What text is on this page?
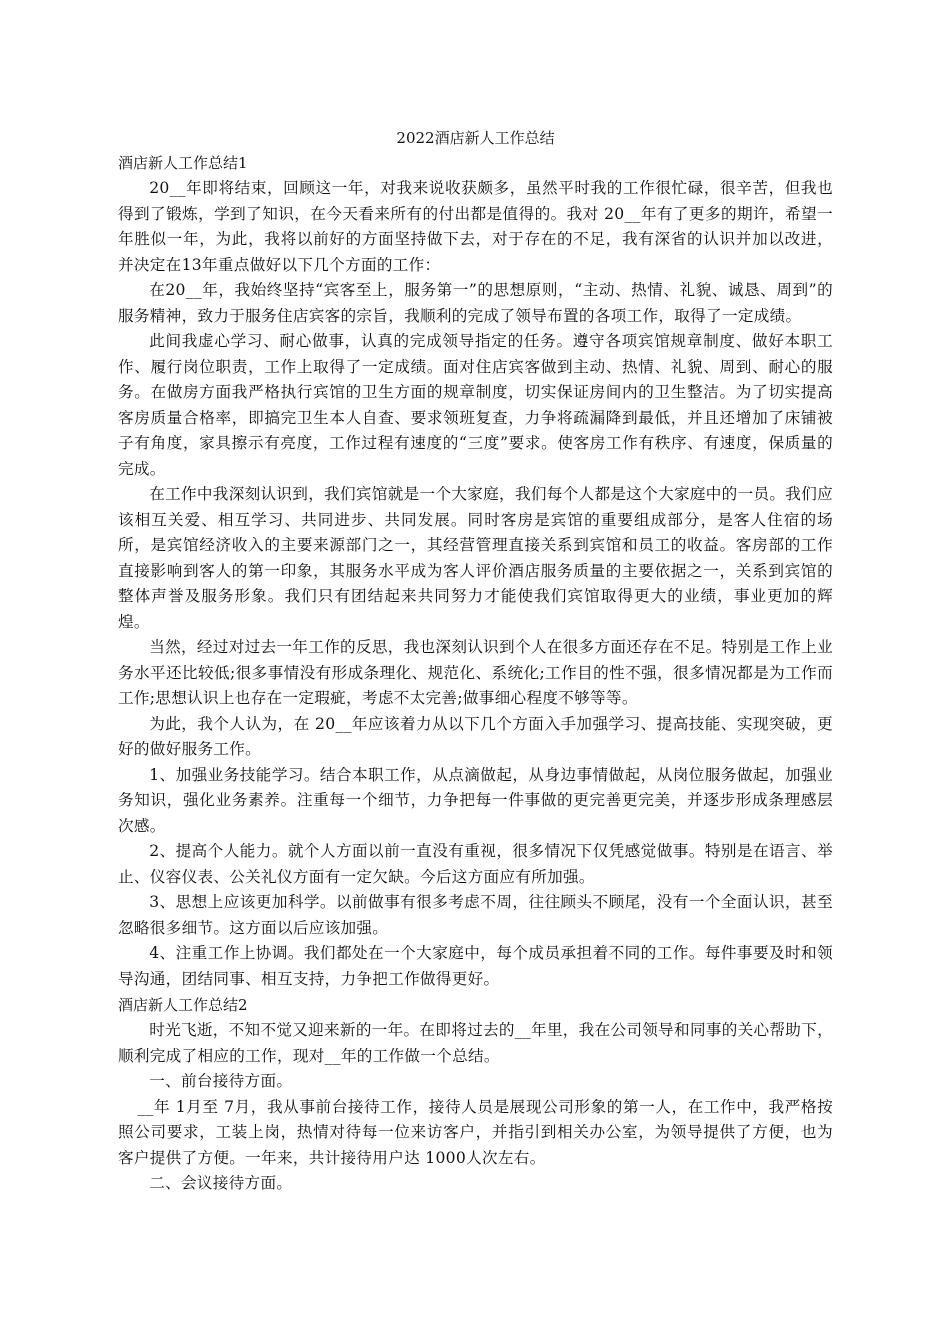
2022酒店新人工作总结

酒店新人工作总结1

20__年即将结束，回顾这一年，对我来说收获颇多，虽然平时我的工作很忙碌，很辛苦，但我也得到了锻炼，学到了知识，在今天看来所有的付出都是值得的。我对 20__年有了更多的期许，希望一年胜似一年，为此，我将以前好的方面坚持做下去，对于存在的不足，我有深省的认识并加以改进，并决定在13年重点做好以下几个方面的工作：

在20__年，我始终坚持“宾客至上，服务第一”的思想原则，“主动、热情、礼貌、诚恳、周到”的服务精神，致力于服务住店宾客的宗旨，我顺利的完成了领导布置的各项工作，取得了一定成绩。

此间我虚心学习、耐心做事，认真的完成领导指定的任务。遵守各项宾馆规章制度、做好本职工作、履行岗位职责，工作上取得了一定成绩。面对住店宾客做到主动、热情、礼貌、周到、耐心的服务。在做房方面我严格执行宾馆的卫生方面的规章制度，切实保证房间内的卫生整洁。为了切实提高客房质量合格率，即搞完卫生本人自查、要求领班复查，力争将疏漏降到最低，并且还增加了床铺被子有角度，家具擦示有亮度，工作过程有速度的“三度”要求。使客房工作有秩序、有速度，保质量的完成。

在工作中我深刻认识到，我们宾馆就是一个大家庭，我们每个人都是这个大家庭中的一员。我们应该相互关爱、相互学习、共同进步、共同发展。同时客房是宾馆的重要组成部分，是客人住宿的场所，是宾馆经济收入的主要来源部门之一，其经营管理直接关系到宾馆和员工的收益。客房部的工作直接影响到客人的第一印象，其服务水平成为客人评价酒店服务质量的主要依据之一，关系到宾馆的整体声誉及服务形象。我们只有团结起来共同努力才能使我们宾馆取得更大的业绩，事业更加的辉煌。

当然，经过对过去一年工作的反思，我也深刻认识到个人在很多方面还存在不足。特别是工作上业务水平还比较低;很多事情没有形成条理化、规范化、系统化;工作目的性不强，很多情况都是为工作而工作;思想认识上也存在一定瑕疵，考虑不太完善;做事细心程度不够等等。

为此，我个人认为，在 20__年应该着力从以下几个方面入手加强学习、提高技能、实现突破，更好的做好服务工作。

1、加强业务技能学习。结合本职工作，从点滴做起，从身边事情做起，从岗位服务做起，加强业务知识，强化业务素养。注重每一个细节，力争把每一件事做的更完善更完美，并逐步形成条理感层次感。

2、提高个人能力。就个人方面以前一直没有重视，很多情况下仅凭感觉做事。特别是在语言、举止、仪容仪表、公关礼仪方面有一定欠缺。今后这方面应有所加强。

3、思想上应该更加科学。以前做事有很多考虑不周，往往顾头不顾尾，没有一个全面认识，甚至忽略很多细节。这方面以后应该加强。

4、注重工作上协调。我们都处在一个大家庭中，每个成员承担着不同的工作。每件事要及时和领导沟通，团结同事、相互支持，力争把工作做得更好。

酒店新人工作总结2

时光飞逝，不知不觉又迎来新的一年。在即将过去的__年里，我在公司领导和同事的关心帮助下，顺利完成了相应的工作，现对__年的工作做一个总结。

一、前台接待方面。

__年 1月至 7月，我从事前台接待工作，接待人员是展现公司形象的第一人，在工作中，我严格按照公司要求，工装上岗，热情对待每一位来访客户，并指引到相关办公室，为领导提供了方便，也为客户提供了方便。一年来，共计接待用户达 1000人次左右。

二、会议接待方面。
